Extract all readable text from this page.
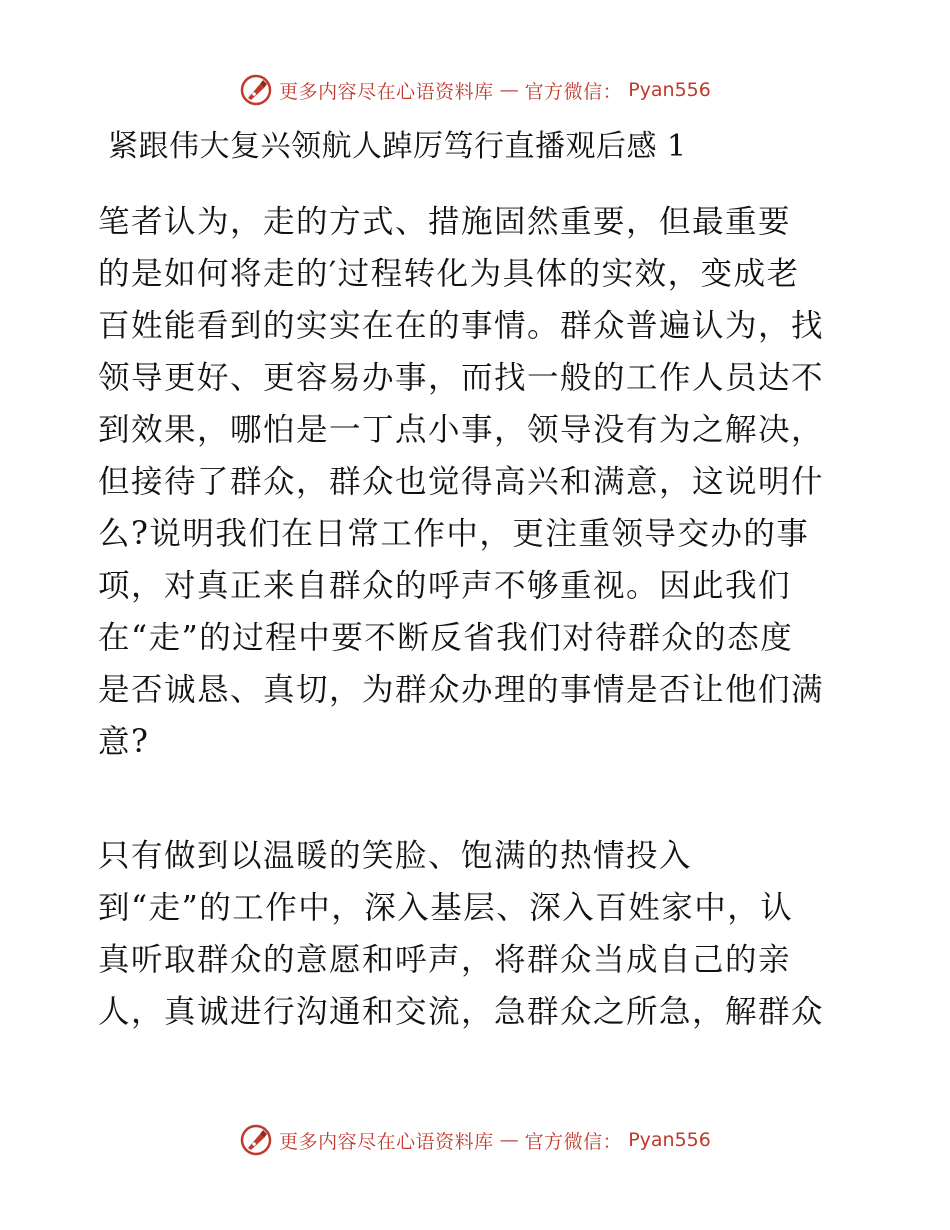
更多内容尽在心语资料库 — 官方微信： Pyan556
紧跟伟大复兴领航人踔厉笃行直播观后感 1
笔者认为，走的方式、措施固然重要，但最重要
的是如何将走的′过程转化为具体的实效，变成老
百姓能看到的实实在在的事情。群众普遍认为，找
领导更好、更容易办事，而找一般的工作人员达不
到效果，哪怕是一丁点小事，领导没有为之解决，
但接待了群众，群众也觉得高兴和满意，这说明什
么?说明我们在日常工作中，更注重领导交办的事
项，对真正来自群众的呼声不够重视。因此我们
在“走”的过程中要不断反省我们对待群众的态度
是否诚恳、真切，为群众办理的事情是否让他们满
意?
只有做到以温暖的笑脸、饱满的热情投入
到“走”的工作中，深入基层、深入百姓家中，认
真听取群众的意愿和呼声，将群众当成自己的亲
人，真诚进行沟通和交流，急群众之所急，解群众
更多内容尽在心语资料库 — 官方微信： Pyan556
